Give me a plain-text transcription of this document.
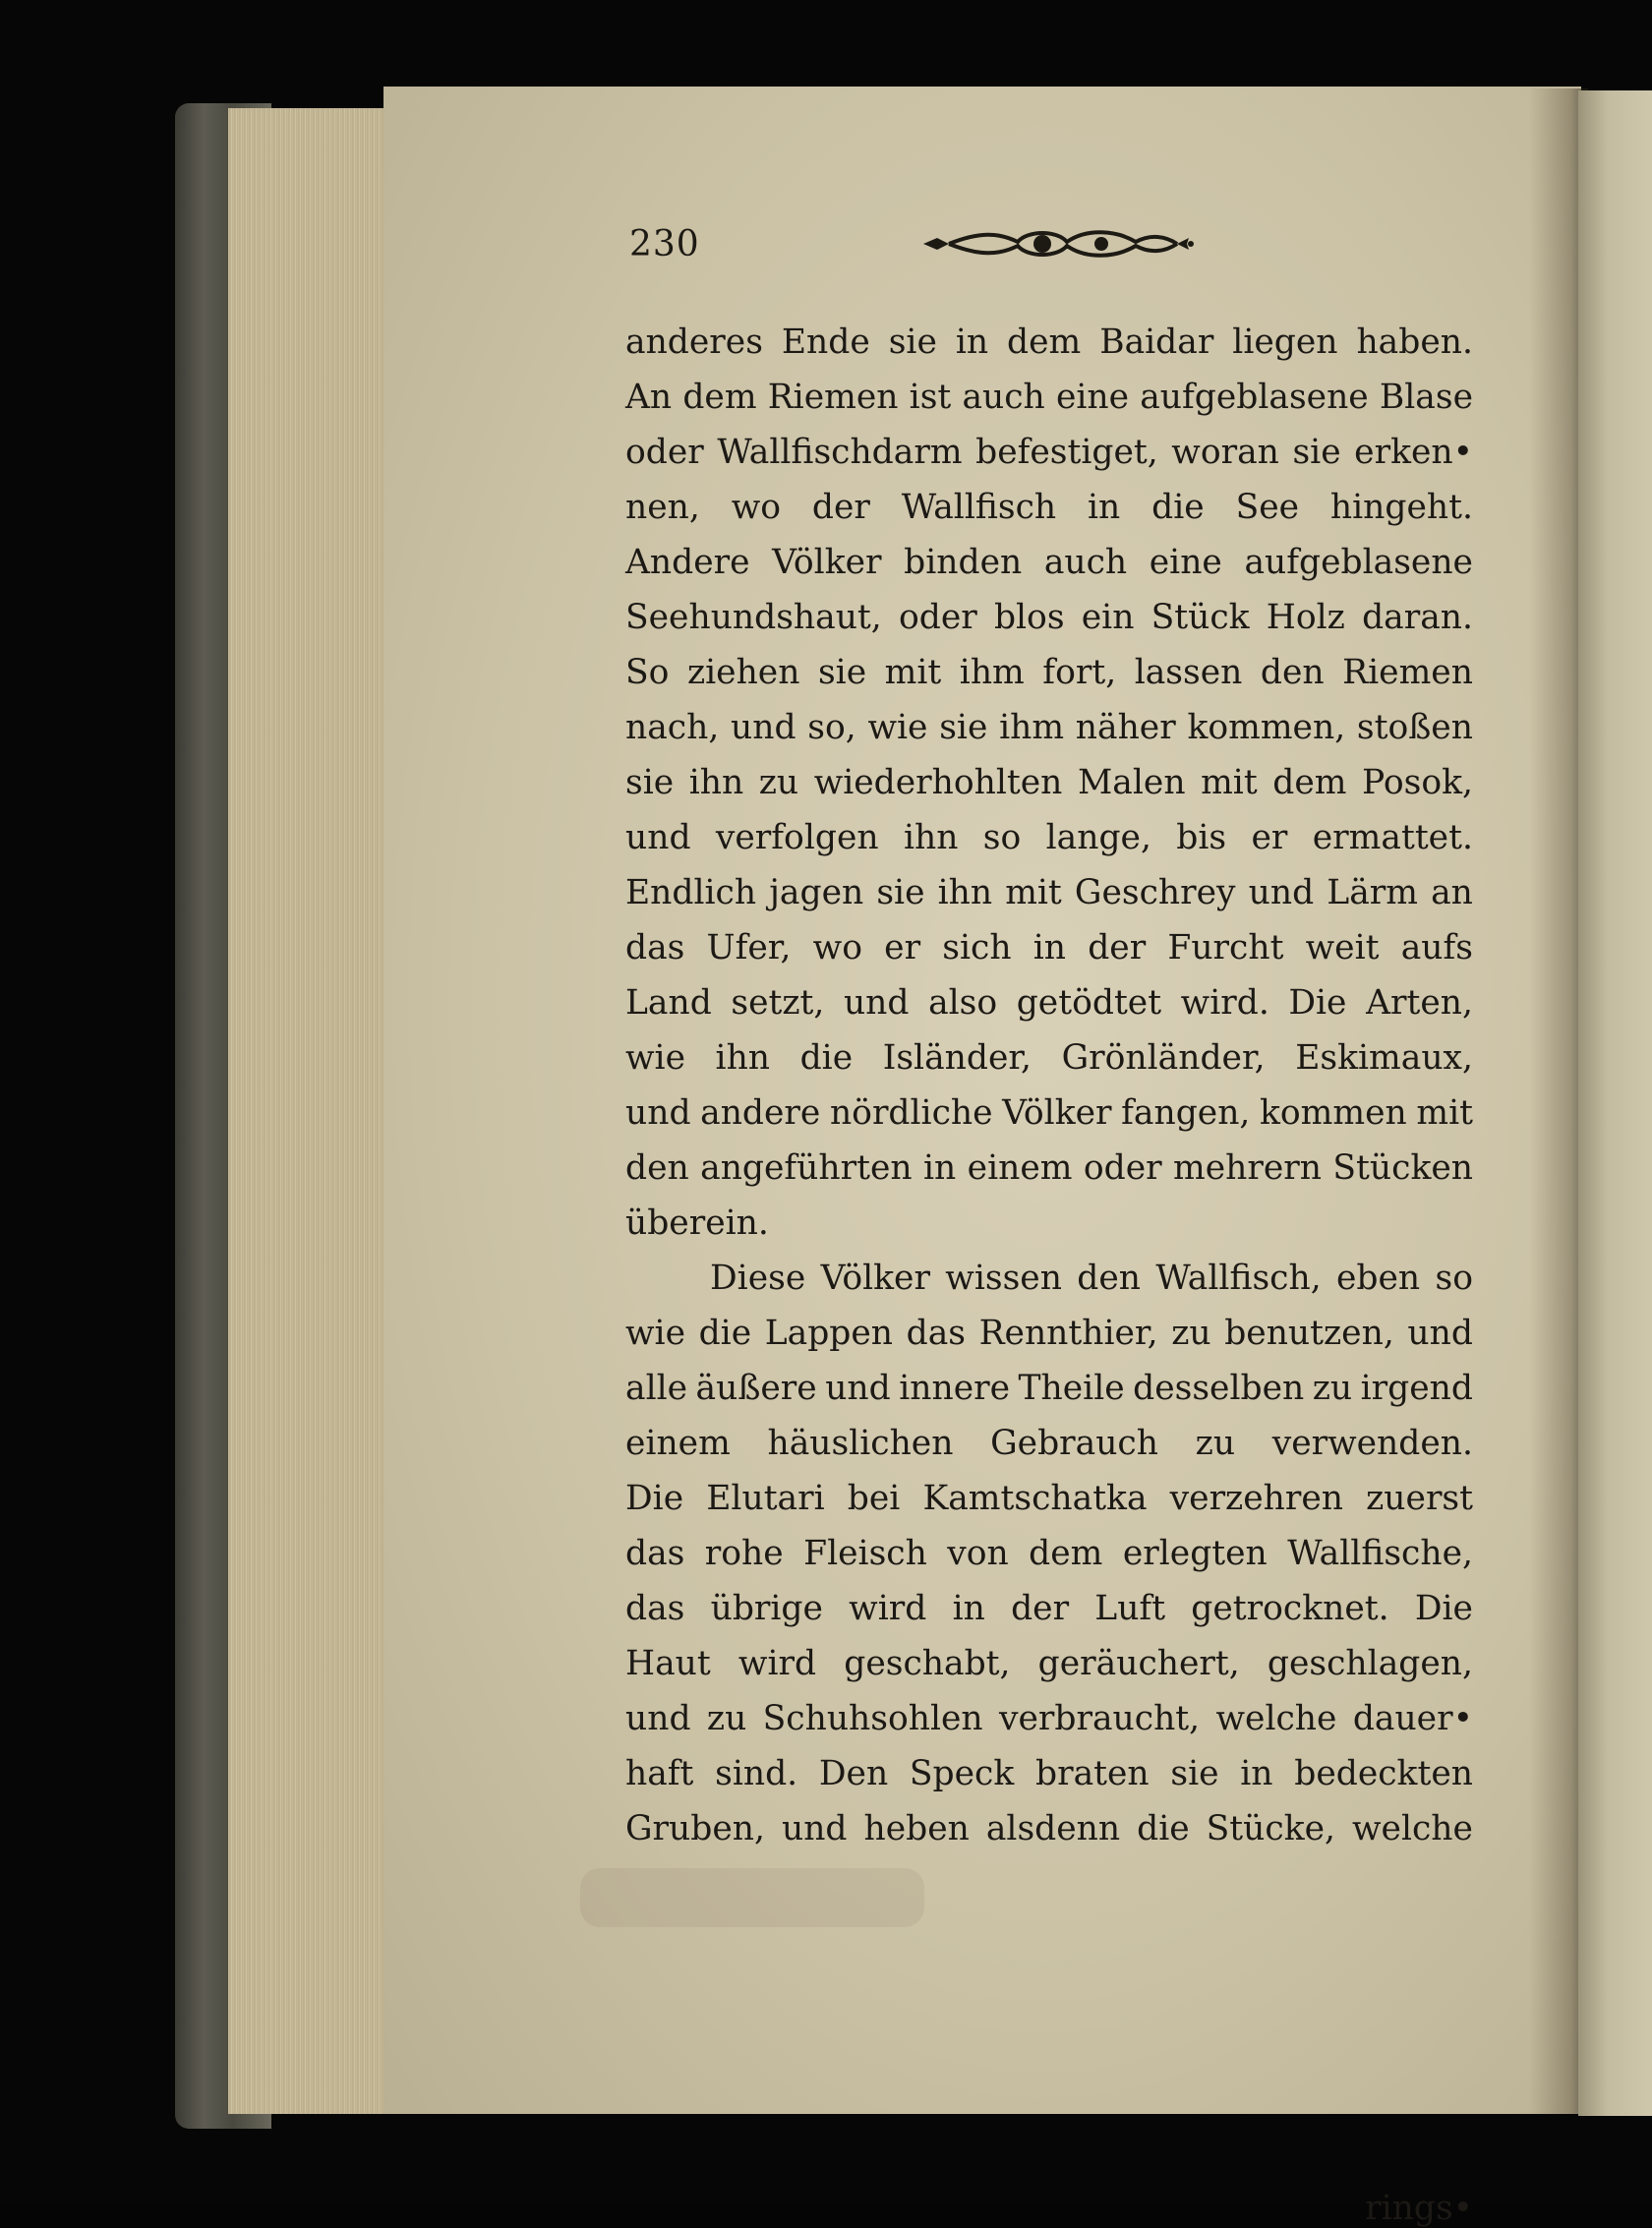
230
anderes Ende sie in dem Baidar liegen haben.
An dem Riemen ist auch eine aufgeblasene Blase
oder Wallfischdarm befestiget, woran sie erken•
nen, wo der Wallfisch in die See hingeht.
Andere Völker binden auch eine aufgeblasene
Seehundshaut, oder blos ein Stück Holz daran.
So ziehen sie mit ihm fort, lassen den Riemen
nach, und so, wie sie ihm näher kommen, stoßen
sie ihn zu wiederhohlten Malen mit dem Posok,
und verfolgen ihn so lange, bis er ermattet.
Endlich jagen sie ihn mit Geschrey und Lärm an
das Ufer, wo er sich in der Furcht weit aufs
Land setzt, und also getödtet wird. Die Arten,
wie ihn die Isländer, Grönländer, Eskimaux,
und andere nördliche Völker fangen, kommen mit
den angeführten in einem oder mehrern Stücken
überein.
Diese Völker wissen den Wallfisch, eben so
wie die Lappen das Rennthier, zu benutzen, und
alle äußere und innere Theile desselben zu irgend
einem häuslichen Gebrauch zu verwenden.
Die Elutari bei Kamtschatka verzehren zuerst
das rohe Fleisch von dem erlegten Wallfische,
das übrige wird in der Luft getrocknet. Die
Haut wird geschabt, geräuchert, geschlagen,
und zu Schuhsohlen verbraucht, welche dauer•
haft sind. Den Speck braten sie in bedeckten
Gruben, und heben alsdenn die Stücke, welche
rings•
